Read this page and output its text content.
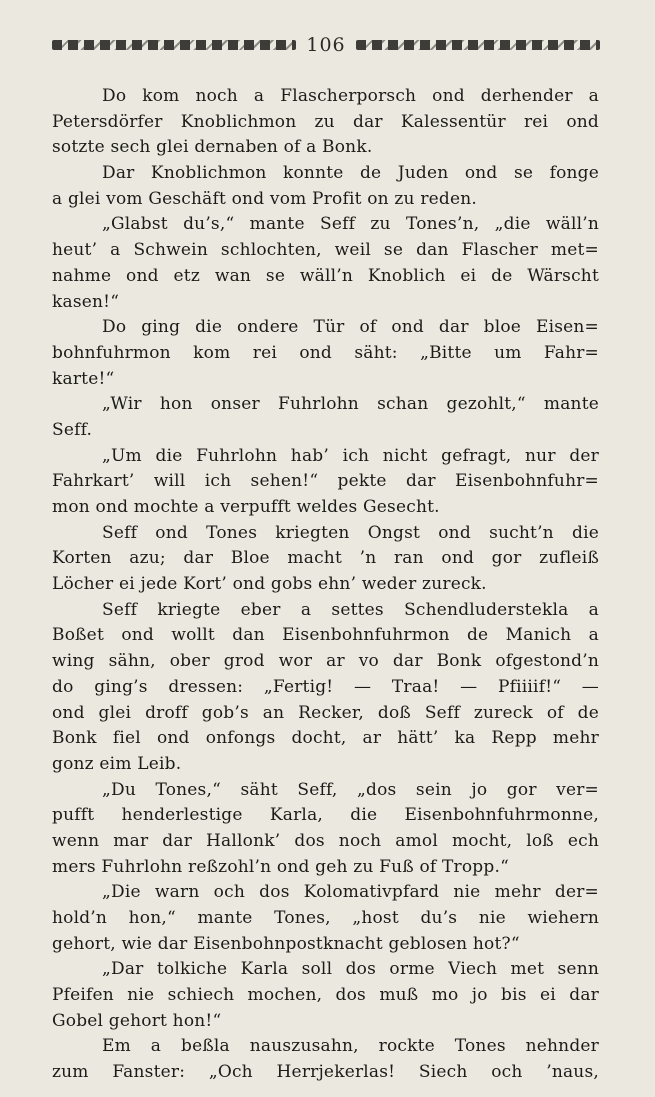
106
Do kom noch a Flascherporsch ond derhender a
Petersdörfer Knoblichmon zu dar Kalessentür rei ond
sotzte sech glei dernaben of a Bonk.
Dar Knoblichmon konnte de Juden ond se fonge
a glei vom Geschäft ond vom Profit on zu reden.
„Glabst du’s,“ mante Seff zu Tones’n, „die wäll’n
heut’ a Schwein schlochten, weil se dan Flascher met=
nahme ond etz wan se wäll’n Knoblich ei de Wärscht
kasen!“
Do ging die ondere Tür of ond dar bloe Eisen=
bohnfuhrmon kom rei ond säht: „Bitte um Fahr=
karte!“
„Wir hon onser Fuhrlohn schan gezohlt,“ mante
Seff.
„Um die Fuhrlohn hab’ ich nicht gefragt, nur der
Fahrkart’ will ich sehen!“ pekte dar Eisenbohnfuhr=
mon ond mochte a verpufft weldes Gesecht.
Seff ond Tones kriegten Ongst ond sucht’n die
Korten azu; dar Bloe macht ’n ran ond gor zufleiß
Löcher ei jede Kort’ ond gobs ehn’ weder zureck.
Seff kriegte eber a settes Schendluderstekla a
Boßet ond wollt dan Eisenbohnfuhrmon de Manich a
wing sähn, ober grod wor ar vo dar Bonk ofgestond’n
do ging’s dressen: „Fertig! — Traa! — Pfiiiif!“ —
ond glei droff gob’s an Recker, doß Seff zureck of de
Bonk fiel ond onfongs docht, ar hätt’ ka Repp mehr
gonz eim Leib.
„Du Tones,“ säht Seff, „dos sein jo gor ver=
pufft henderlestige Karla, die Eisenbohnfuhrmonne,
wenn mar dar Hallonk’ dos noch amol mocht, loß ech
mers Fuhrlohn reßzohl’n ond geh zu Fuß of Tropp.“
„Die warn och dos Kolomativpfard nie mehr der=
hold’n hon,“ mante Tones, „host du’s nie wiehern
gehort, wie dar Eisenbohnpostknacht geblosen hot?“
„Dar tolkiche Karla soll dos orme Viech met senn
Pfeifen nie schiech mochen, dos muß mo jo bis ei dar
Gobel gehort hon!“
Em a beßla nauszusahn, rockte Tones nehnder
zum Fanster: „Och Herrjekerlas! Siech och ’naus,
